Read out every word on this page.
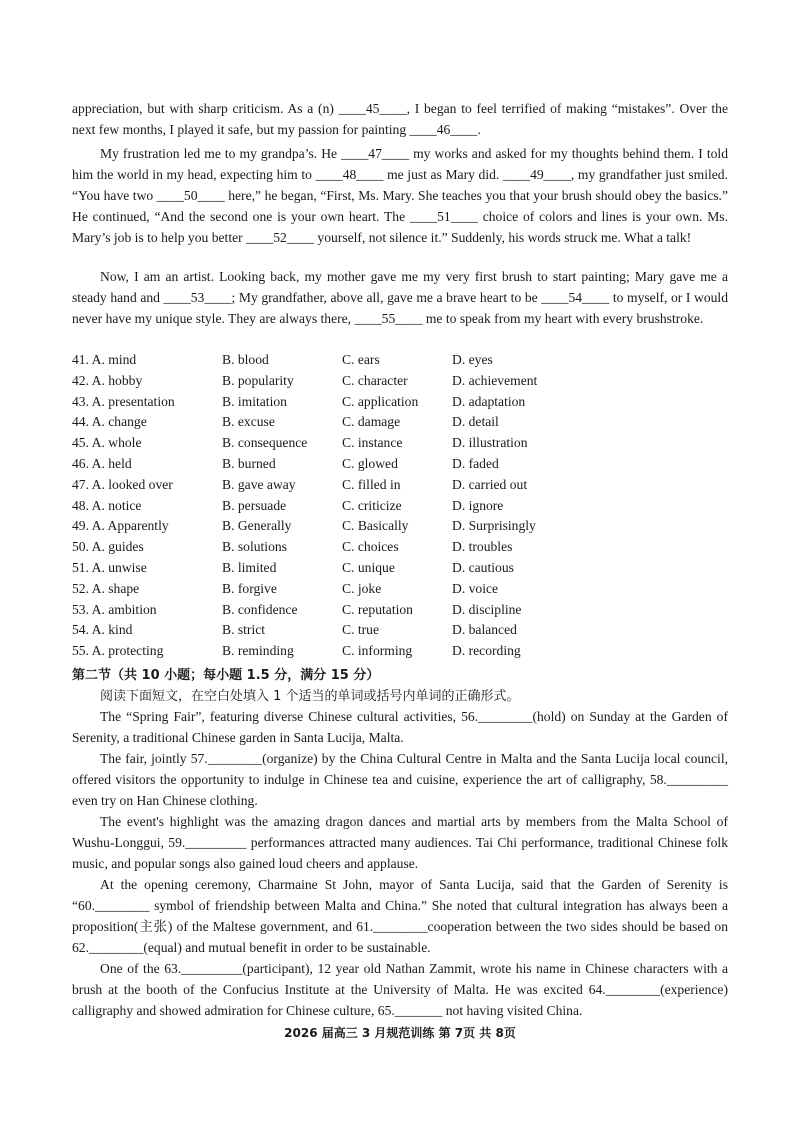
appreciation, but with sharp criticism. As a (n) ____45____, I began to feel terrified of making “mistakes”. Over the next few months, I played it safe, but my passion for painting ____46____.

My frustration led me to my grandpa’s. He ____47____ my works and asked for my thoughts behind them. I told him the world in my head, expecting him to ____48____ me just as Mary did. ____49____, my grandfather just smiled. “You have two ____50____ here,” he began, “First, Ms. Mary. She teaches you that your brush should obey the basics.” He continued, “And the second one is your own heart. The ____51____ choice of colors and lines is your own. Ms. Mary’s job is to help you better ____52____ yourself, not silence it.” Suddenly, his words struck me. What a talk!

Now, I am an artist. Looking back, my mother gave me my very first brush to start painting; Mary gave me a steady hand and ____53____; My grandfather, above all, gave me a brave heart to be ____54____ to myself, or I would never have my unique style. They are always there, ____55____ me to speak from my heart with every brushstroke.

41. A. mind	B. blood	C. ears	D. eyes
42. A. hobby	B. popularity	C. character	D. achievement
43. A. presentation	B. imitation	C. application D. adaptation
44. A. change	B. excuse	C. damage	D. detail
45. A. whole	B. consequence	C. instance	D. illustration
46. A. held	B. burned	C. glowed	D. faded
47. A. looked over	B. gave away	C. filled in	D. carried out
48. A. notice	B. persuade	C. criticize	D. ignore
49. A. Apparently	B. Generally	C. Basically	D. Surprisingly
50. A. guides	B. solutions	C. choices	D. troubles
51. A. unwise	B. limited	C. unique	D. cautious
52. A. shape	B. forgive	C. joke	D. voice
53. A. ambition	B. confidence	C. reputation	D. discipline
54. A. kind	B. strict	C. true	D. balanced
55. A. protecting	B. reminding	C. informing	D. recording
第二节（共 10 小题；每小题 1.5 分，满分 15 分）
阅读下面短文，在空白处填入 1 个适当的单词或括号内单词的正确形式。

The “Spring Fair”, featuring diverse Chinese cultural activities, 56.________(hold) on Sunday at the Garden of Serenity, a traditional Chinese garden in Santa Lucija, Malta.

The fair, jointly 57.________(organize) by the China Cultural Centre in Malta and the Santa Lucija local council, offered visitors the opportunity to indulge in Chinese tea and cuisine, experience the art of calligraphy, 58._________ even try on Han Chinese clothing.

The event's highlight was the amazing dragon dances and martial arts by members from the Malta School of Wushu-Longgui, 59._________ performances attracted many audiences. Tai Chi performance, traditional Chinese folk music, and popular songs also gained loud cheers and applause.

At the opening ceremony, Charmaine St John, mayor of Santa Lucija, said that the Garden of Serenity is “60.________ symbol of friendship between Malta and China.” She noted that cultural integration has always been a proposition(主张) of the Maltese government, and 61.________cooperation between the two sides should be based on 62.________(equal) and mutual benefit in order to be sustainable.

One of the 63._________(participant), 12 year old Nathan Zammit, wrote his name in Chinese characters with a brush at the booth of the Confucius Institute at the University of Malta. He was excited 64.________(experience) calligraphy and showed admiration for Chinese culture, 65._______ not having visited China.

2026 届高三 3 月规范训练 第 7页 共 8页
